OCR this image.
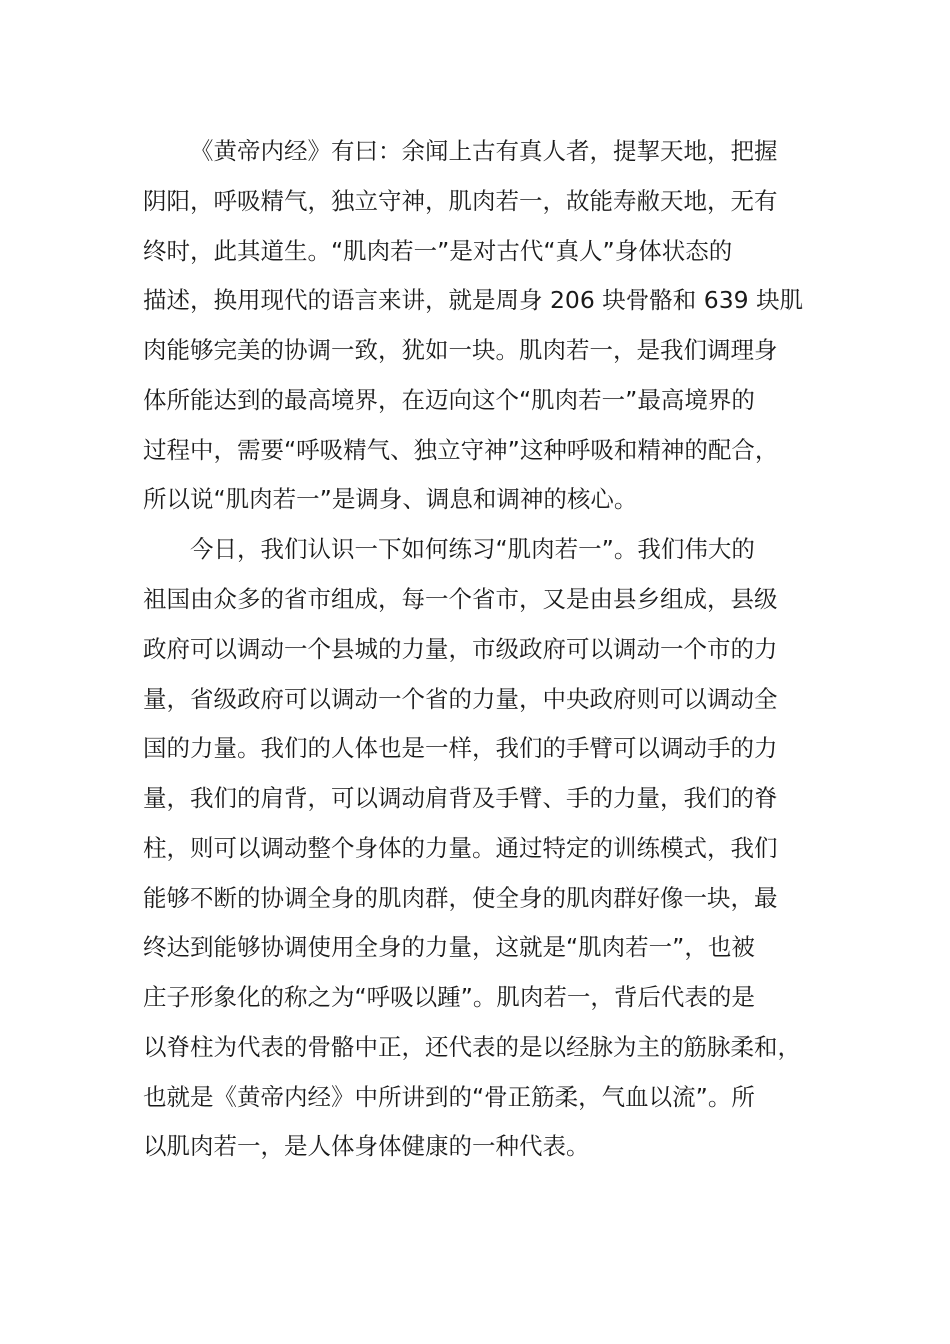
《黄帝内经》有曰：余闻上古有真人者，提挈天地，把握
阴阳，呼吸精气，独立守神，肌肉若一，故能寿敝天地，无有
终时，此其道生。“肌肉若一”是对古代“真人”身体状态的
描述，换用现代的语言来讲，就是周身 206 块骨骼和 639 块肌
肉能够完美的协调一致，犹如一块。肌肉若一，是我们调理身
体所能达到的最高境界，在迈向这个“肌肉若一”最高境界的
过程中，需要“呼吸精气、独立守神”这种呼吸和精神的配合，
所以说“肌肉若一”是调身、调息和调神的核心。
今日，我们认识一下如何练习“肌肉若一”。我们伟大的
祖国由众多的省市组成，每一个省市，又是由县乡组成，县级
政府可以调动一个县城的力量，市级政府可以调动一个市的力
量，省级政府可以调动一个省的力量，中央政府则可以调动全
国的力量。我们的人体也是一样，我们的手臂可以调动手的力
量，我们的肩背，可以调动肩背及手臂、手的力量，我们的脊
柱，则可以调动整个身体的力量。通过特定的训练模式，我们
能够不断的协调全身的肌肉群，使全身的肌肉群好像一块，最
终达到能够协调使用全身的力量，这就是“肌肉若一”，也被
庄子形象化的称之为“呼吸以踵”。肌肉若一，背后代表的是
以脊柱为代表的骨骼中正，还代表的是以经脉为主的筋脉柔和，
也就是《黄帝内经》中所讲到的“骨正筋柔，气血以流”。所
以肌肉若一，是人体身体健康的一种代表。
